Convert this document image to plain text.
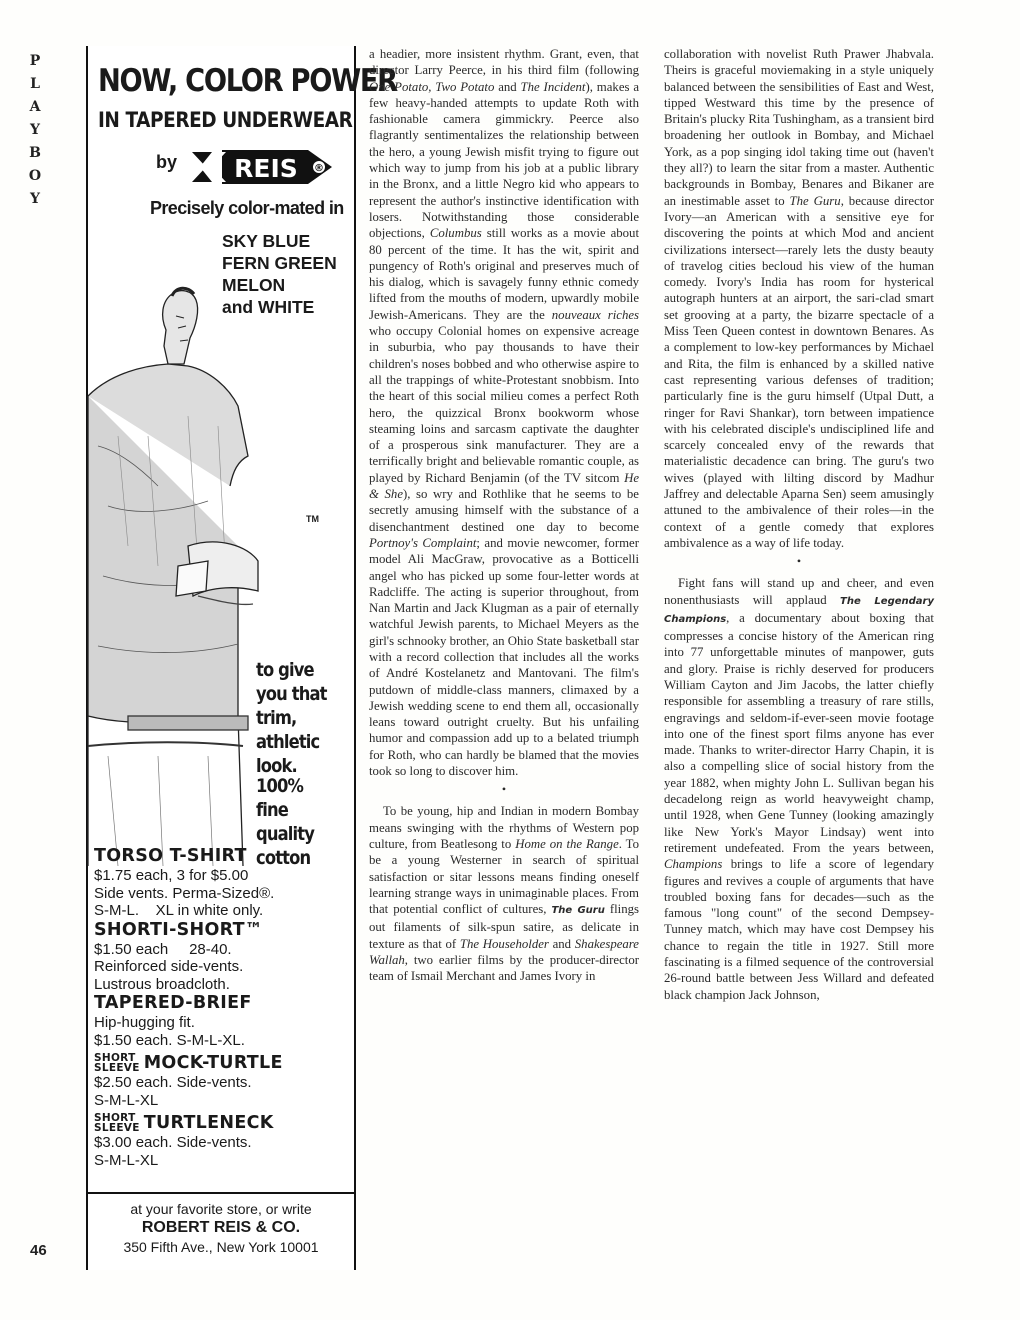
P
L
A
Y
B
O
Y
46
NOW, COLOR POWER
IN TAPERED UNDERWEAR
by REIS ®
Precisely color-mated in
SKY BLUE
FERN GREEN
MELON
and WHITE
TM
to give
you that
trim,
athletic
look.
100%
fine
quality
cotton
TORSO T-SHIRT
$1.75 each, 3 for $5.00
Side vents. Perma-Sized®.
S-M-L.    XL in white only.
SHORTI-SHORT™
$1.50 each     28-40.
Reinforced side-vents.
Lustrous broadcloth.
TAPERED-BRIEF
Hip-hugging fit.
$1.50 each. S-M-L-XL.
SHORT
SLEEVE MOCK-TURTLE
$2.50 each. Side-vents.
S-M-L-XL
SHORT
SLEEVE TURTLENECK
$3.00 each. Side-vents.
S-M-L-XL
at your favorite store, or write
ROBERT REIS & CO.
350 Fifth Ave., New York 10001

a headier, more insistent rhythm. Grant, even, that director Larry Peerce, in his third film (following One Potato, Two Potato and The Incident), makes a few heavy-handed attempts to update Roth with fashionable camera gimmickry. Peerce also flagrantly sentimentalizes the relationship between the hero, a young Jewish misfit trying to figure out which way to jump from his job at a public library in the Bronx, and a little Negro kid who appears to represent the author's instinctive identification with losers. Notwithstanding those considerable objections, Columbus still works as a movie about 80 percent of the time. It has the wit, spirit and pungency of Roth's original and preserves much of his dialog, which is savagely funny ethnic comedy lifted from the mouths of modern, upwardly mobile Jewish-Americans. They are the nouveaux riches who occupy Colonial homes on expensive acreage in suburbia, who pay thousands to have their children's noses bobbed and who otherwise aspire to all the trappings of white-Protestant snobbism. Into the heart of this social milieu comes a perfect Roth hero, the quizzical Bronx bookworm whose steaming loins and sarcasm captivate the daughter of a prosperous sink manufacturer. They are a terrifically bright and believable romantic couple, as played by Richard Benjamin (of the TV sitcom He & She), so wry and Rothlike that he seems to be secretly amusing himself with the substance of a disenchantment destined one day to become Portnoy's Complaint; and movie newcomer, former model Ali MacGraw, provocative as a Botticelli angel who has picked up some four-letter words at Radcliffe. The acting is superior throughout, from Nan Martin and Jack Klugman as a pair of eternally watchful Jewish parents, to Michael Meyers as the girl's schnooky brother, an Ohio State basketball star with a record collection that includes all the works of André Kostelanetz and Mantovani. The film's putdown of middle-class manners, climaxed by a Jewish wedding scene to end them all, occasionally leans toward outright cruelty. But his unfailing humor and compassion add up to a belated triumph for Roth, who can hardly be blamed that the movies took so long to discover him.

•

To be young, hip and Indian in modern Bombay means swinging with the rhythms of Western pop culture, from Beatlesong to Home on the Range. To be a young Westerner in search of spiritual satisfaction or sitar lessons means finding oneself learning strange ways in unimaginable places. From that potential conflict of cultures, The Guru flings out filaments of silk-spun satire, as delicate in texture as that of The Householder and Shakespeare Wallah, two earlier films by the producer-director team of Ismail Merchant and James Ivory in

collaboration with novelist Ruth Prawer Jhabvala. Theirs is graceful moviemaking in a style uniquely balanced between the sensibilities of East and West, tipped Westward this time by the presence of Britain's plucky Rita Tushingham, as a transient bird broadening her outlook in Bombay, and Michael York, as a pop singing idol taking time out (haven't they all?) to learn the sitar from a master. Authentic backgrounds in Bombay, Benares and Bikaner are an inestimable asset to The Guru, because director Ivory—an American with a sensitive eye for discovering the points at which Mod and ancient civilizations intersect—rarely lets the dusty beauty of travelog cities becloud his view of the human comedy. Ivory's India has room for hysterical autograph hunters at an airport, the sari-clad smart set grooving at a party, the bizarre spectacle of a Miss Teen Queen contest in downtown Benares. As a complement to low-key performances by Michael and Rita, the film is enhanced by a skilled native cast representing various defenses of tradition; particularly fine is the guru himself (Utpal Dutt, a ringer for Ravi Shankar), torn between impatience with his celebrated disciple's undisciplined life and scarcely concealed envy of the rewards that materialistic decadence can bring. The guru's two wives (played with lilting discord by Madhur Jaffrey and delectable Aparna Sen) seem amusingly attuned to the ambivalence of their roles—in the context of a gentle comedy that explores ambivalence as a way of life today.

•

Fight fans will stand up and cheer, and even nonenthusiasts will applaud The Legendary Champions, a documentary about boxing that compresses a concise history of the American ring into 77 unforgettable minutes of manpower, guts and glory. Praise is richly deserved for producers William Cayton and Jim Jacobs, the latter chiefly responsible for assembling a treasury of rare stills, engravings and seldom-if-ever-seen movie footage into one of the finest sport films anyone has ever made. Thanks to writer-director Harry Chapin, it is also a compelling slice of social history from the year 1882, when mighty John L. Sullivan began his decadelong reign as world heavyweight champ, until 1928, when Gene Tunney (looking amazingly like New York's Mayor Lindsay) went into retirement undefeated. From the years between, Champions brings to life a score of legendary figures and revives a couple of arguments that have troubled boxing fans for decades—such as the famous "long count" of the second Dempsey-Tunney match, which may have cost Dempsey his chance to regain the title in 1927. Still more fascinating is a filmed sequence of the controversial 26-round battle between Jess Willard and defeated black champion Jack Johnson,
